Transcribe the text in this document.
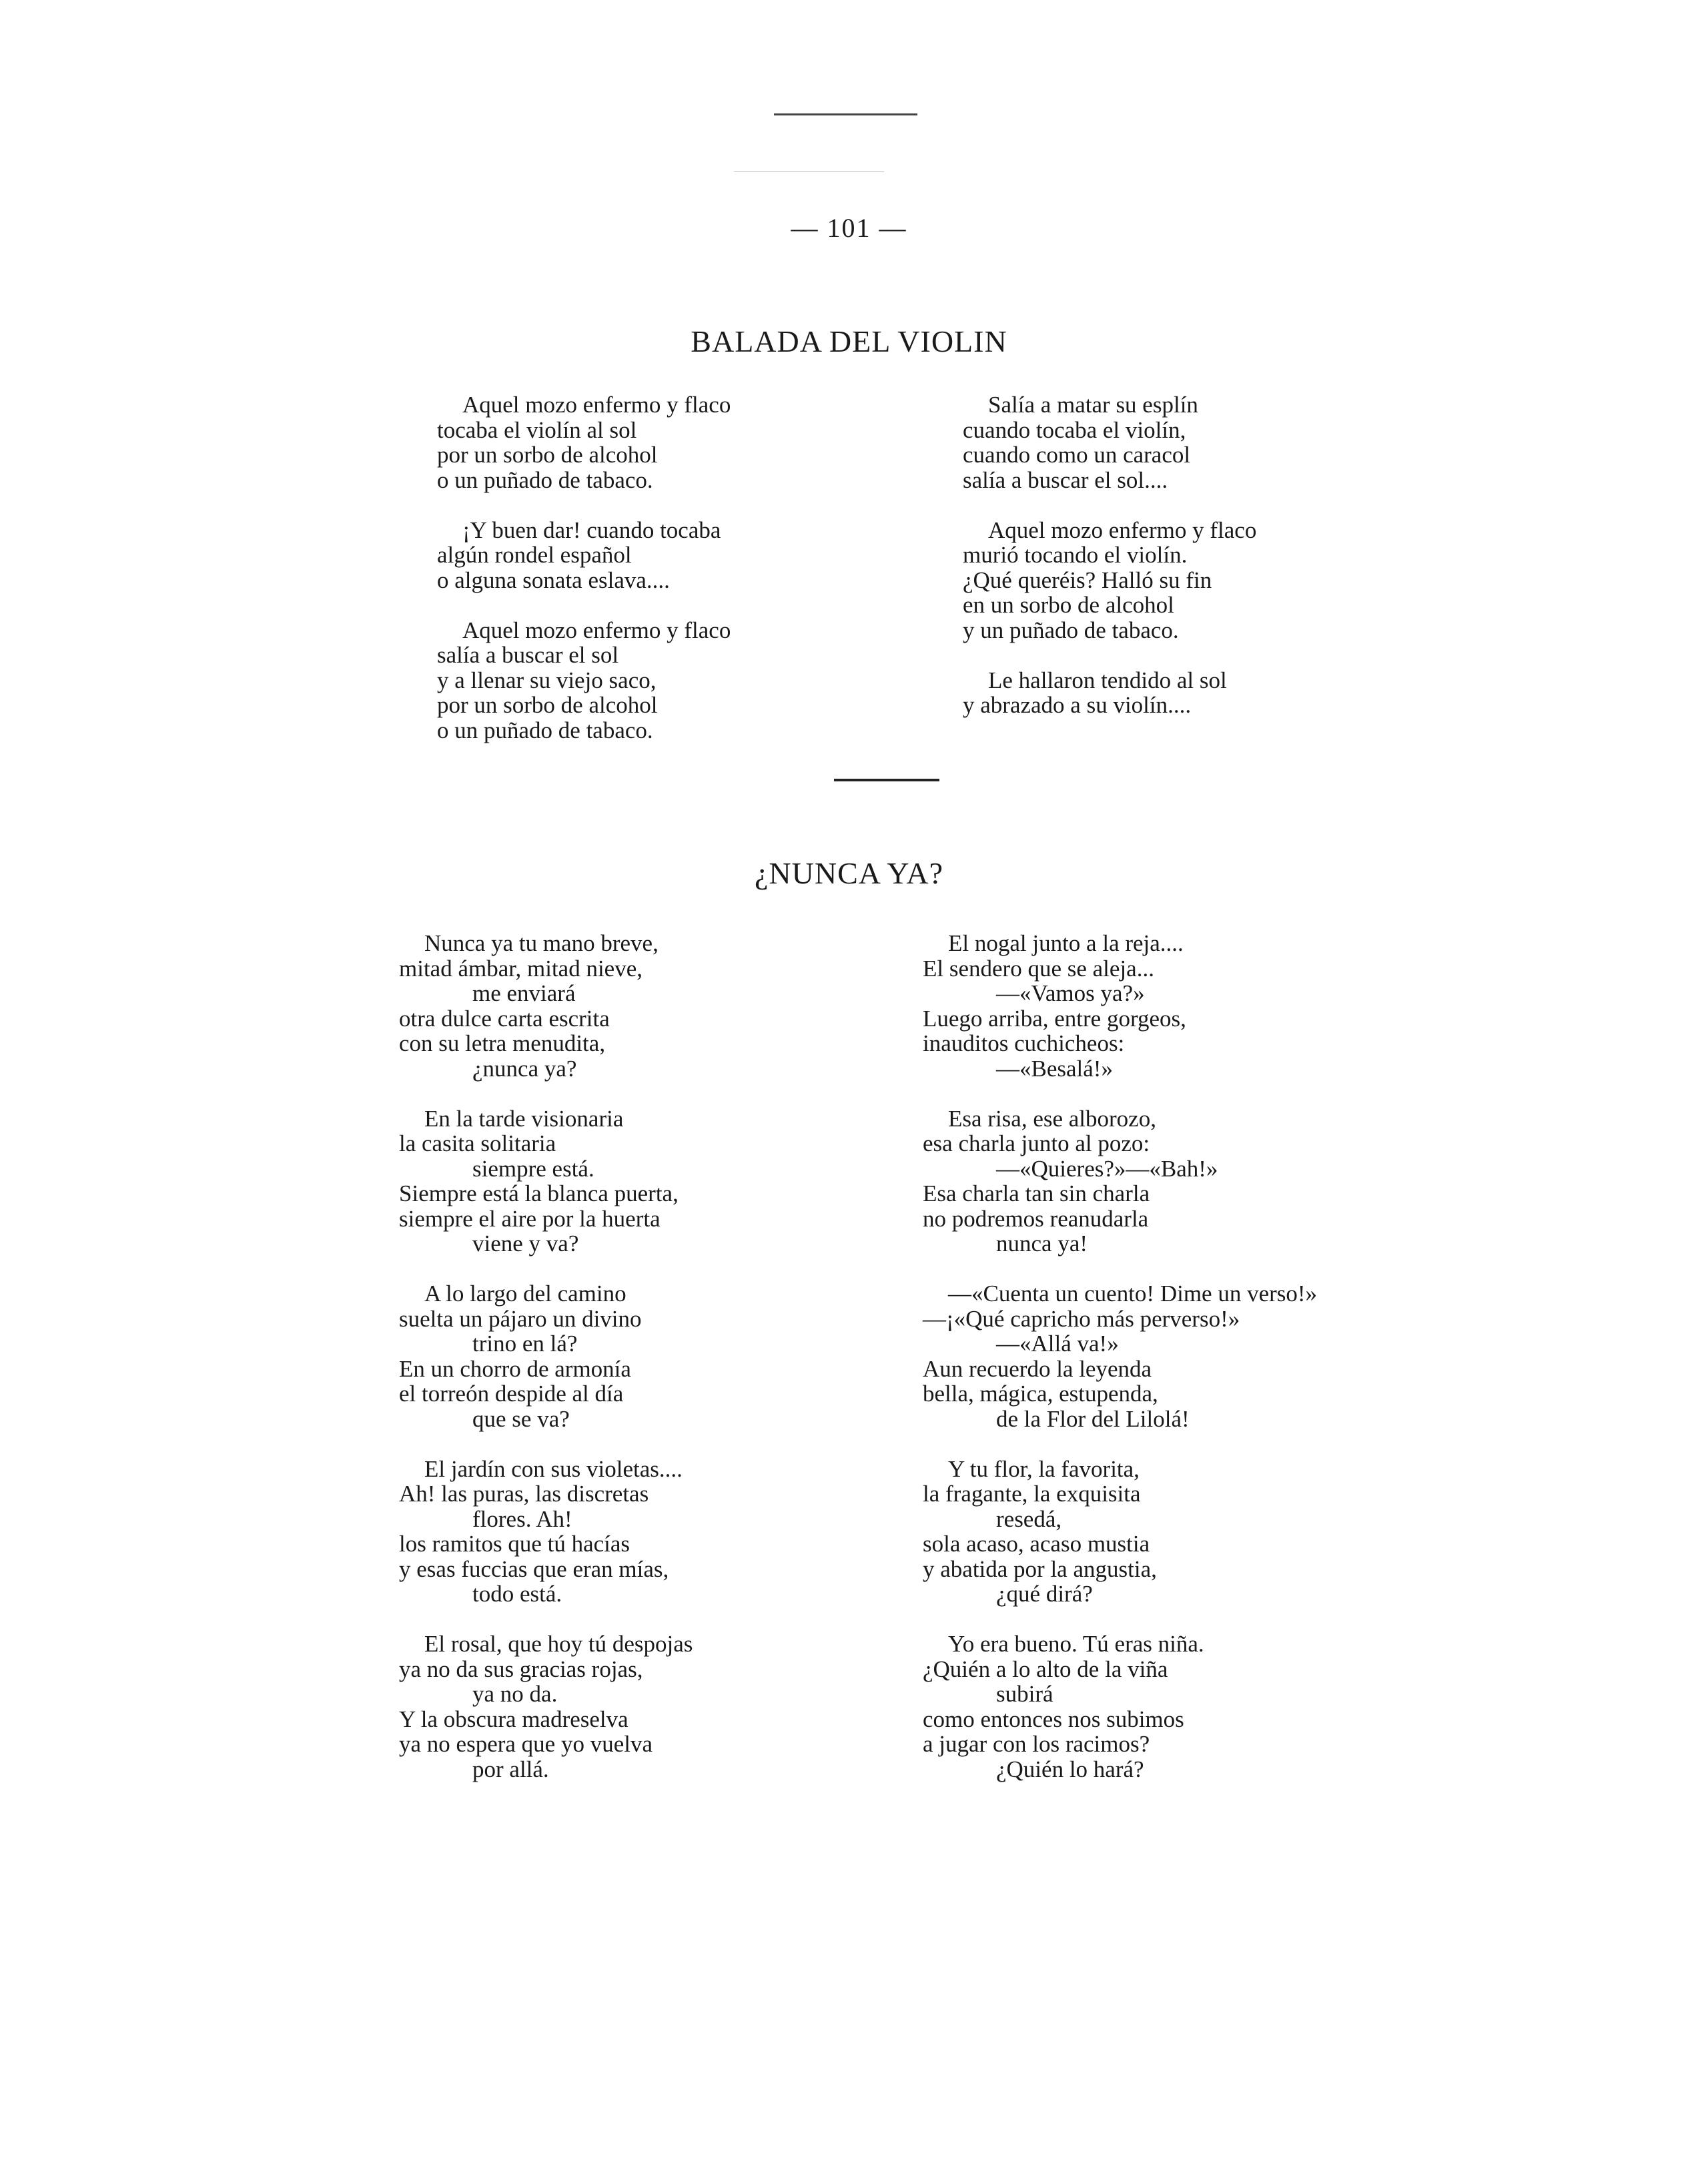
— 101 —
BALADA DEL VIOLIN
Aquel mozo enfermo y flaco
tocaba el violín al sol
por un sorbo de alcohol
o un puñado de tabaco.
¡Y buen dar! cuando tocaba
algún rondel español
o alguna sonata eslava....
Aquel mozo enfermo y flaco
salía a buscar el sol
y a llenar su viejo saco,
por un sorbo de alcohol
o un puñado de tabaco.
Salía a matar su esplín
cuando tocaba el violín,
cuando como un caracol
salía a buscar el sol....
Aquel mozo enfermo y flaco
murió tocando el violín.
¿Qué queréis? Halló su fin
en un sorbo de alcohol
y un puñado de tabaco.
Le hallaron tendido al sol
y abrazado a su violín....
¿NUNCA YA?
Nunca ya tu mano breve,
mitad ámbar, mitad nieve,
me enviará
otra dulce carta escrita
con su letra menudita,
¿nunca ya?
En la tarde visionaria
la casita solitaria
siempre está.
Siempre está la blanca puerta,
siempre el aire por la huerta
viene y va?
A lo largo del camino
suelta un pájaro un divino
trino en lá?
En un chorro de armonía
el torreón despide al día
que se va?
El jardín con sus violetas....
Ah! las puras, las discretas
flores. Ah!
los ramitos que tú hacías
y esas fuccias que eran mías,
todo está.
El rosal, que hoy tú despojas
ya no da sus gracias rojas,
ya no da.
Y la obscura madreselva
ya no espera que yo vuelva
por allá.
El nogal junto a la reja....
El sendero que se aleja...
—«Vamos ya?»
Luego arriba, entre gorgeos,
inauditos cuchicheos:
—«Besalá!»
Esa risa, ese alborozo,
esa charla junto al pozo:
—«Quieres?»—«Bah!»
Esa charla tan sin charla
no podremos reanudarla
nunca ya!
—«Cuenta un cuento! Dime un verso!»
—¡«Qué capricho más perverso!»
—«Allá va!»
Aun recuerdo la leyenda
bella, mágica, estupenda,
de la Flor del Lilolá!
Y tu flor, la favorita,
la fragante, la exquisita
resedá,
sola acaso, acaso mustia
y abatida por la angustia,
¿qué dirá?
Yo era bueno. Tú eras niña.
¿Quién a lo alto de la viña
subirá
como entonces nos subimos
a jugar con los racimos?
¿Quién lo hará?
